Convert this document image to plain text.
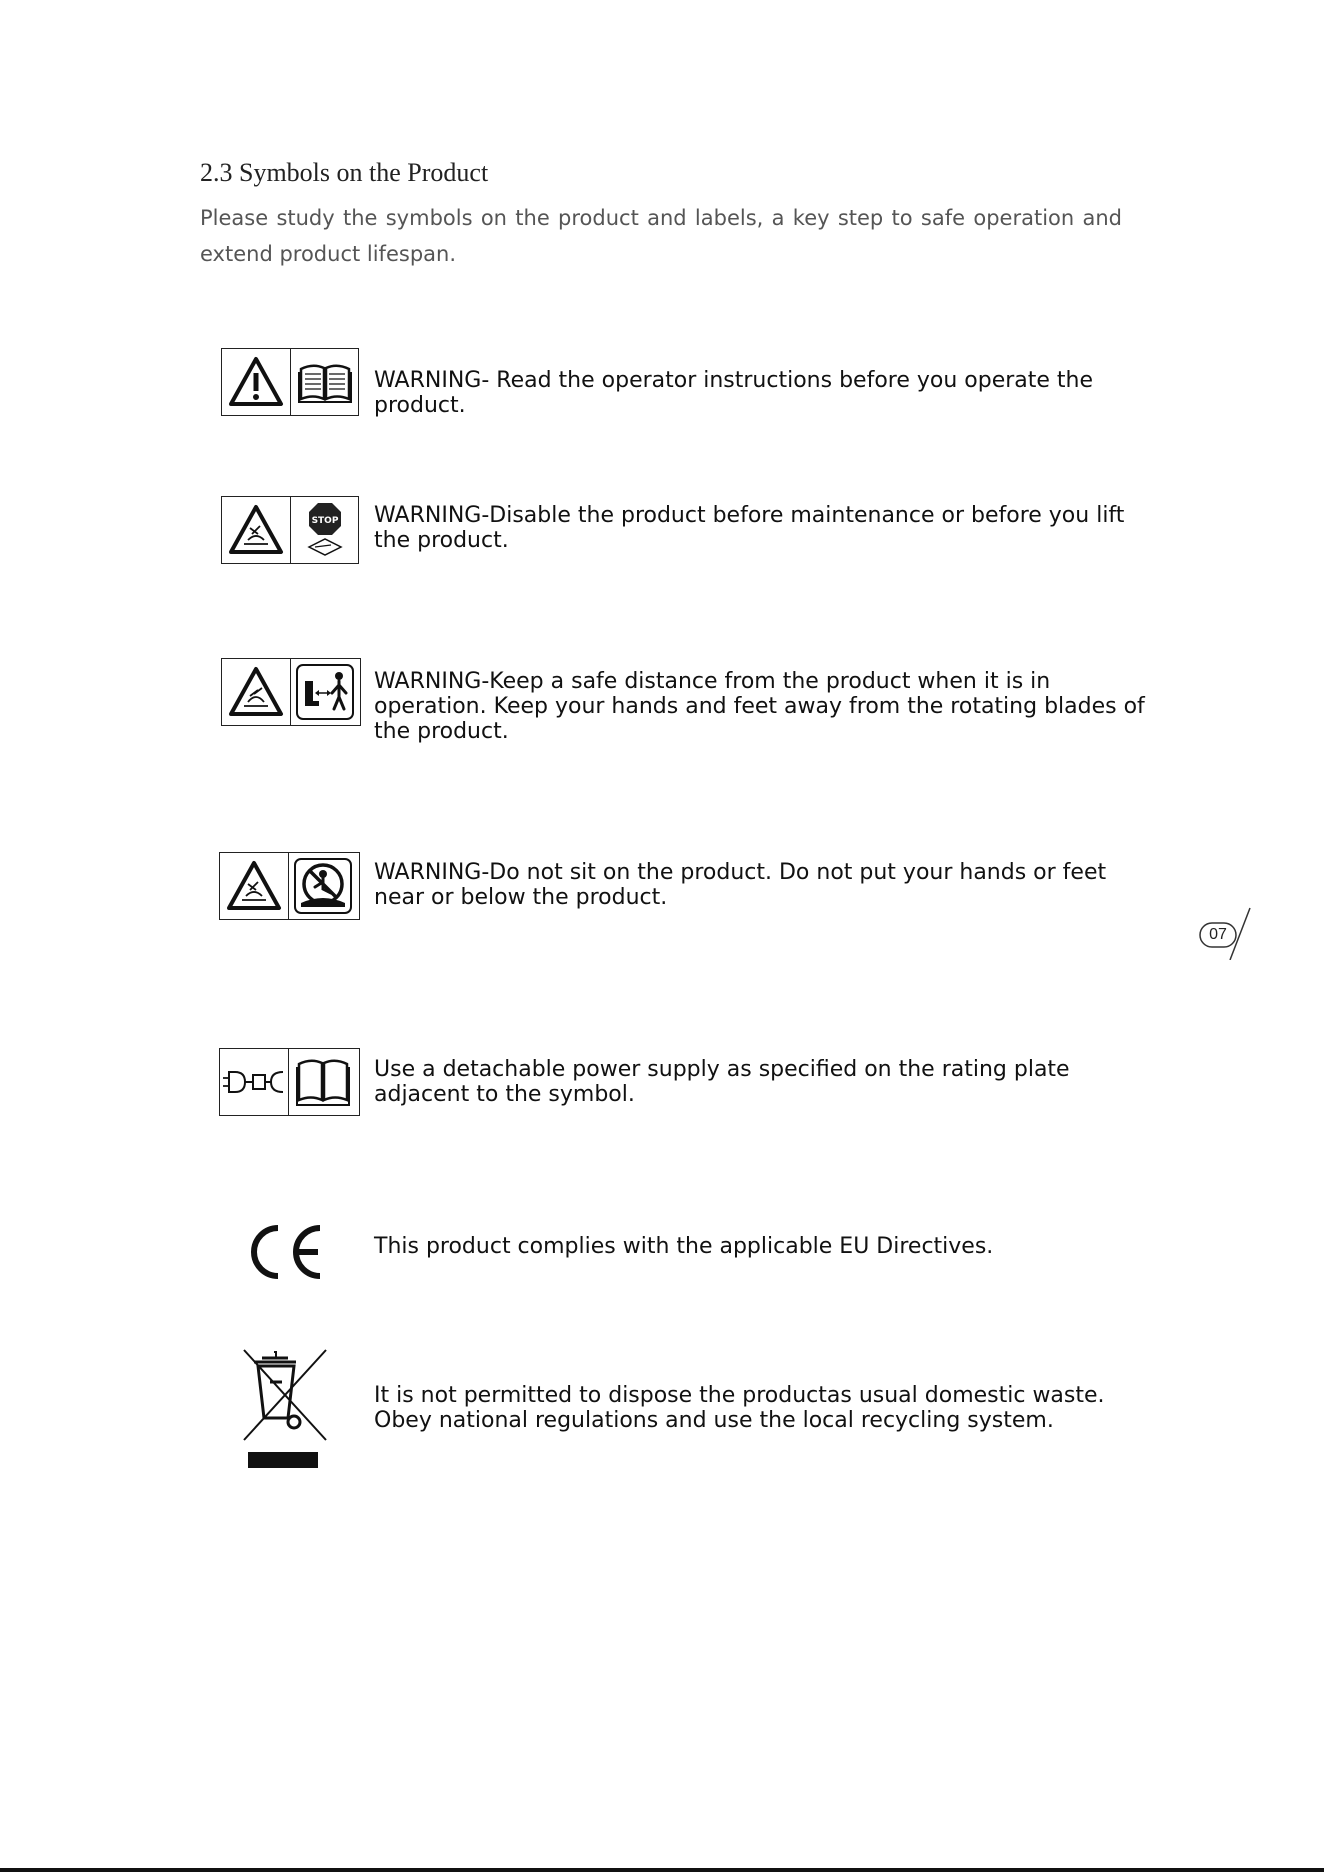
2.3 Symbols on the Product

Please study the symbols on the product and labels, a key step to safe operation and extend product lifespan.

WARNING- Read the operator instructions before you operate the product.

STOP WARNING-Disable the product before maintenance or before you lift the product.

WARNING-Keep a safe distance from the product when it is in operation. Keep your hands and feet away from the rotating blades of the product.

WARNING-Do not sit on the product. Do not put your hands or feet near or below the product.

Use a detachable power supply as specified on the rating plate adjacent to the symbol.

This product complies with the applicable EU Directives.

It is not permitted to dispose the productas usual domestic waste. Obey national regulations and use the local recycling system.

07
